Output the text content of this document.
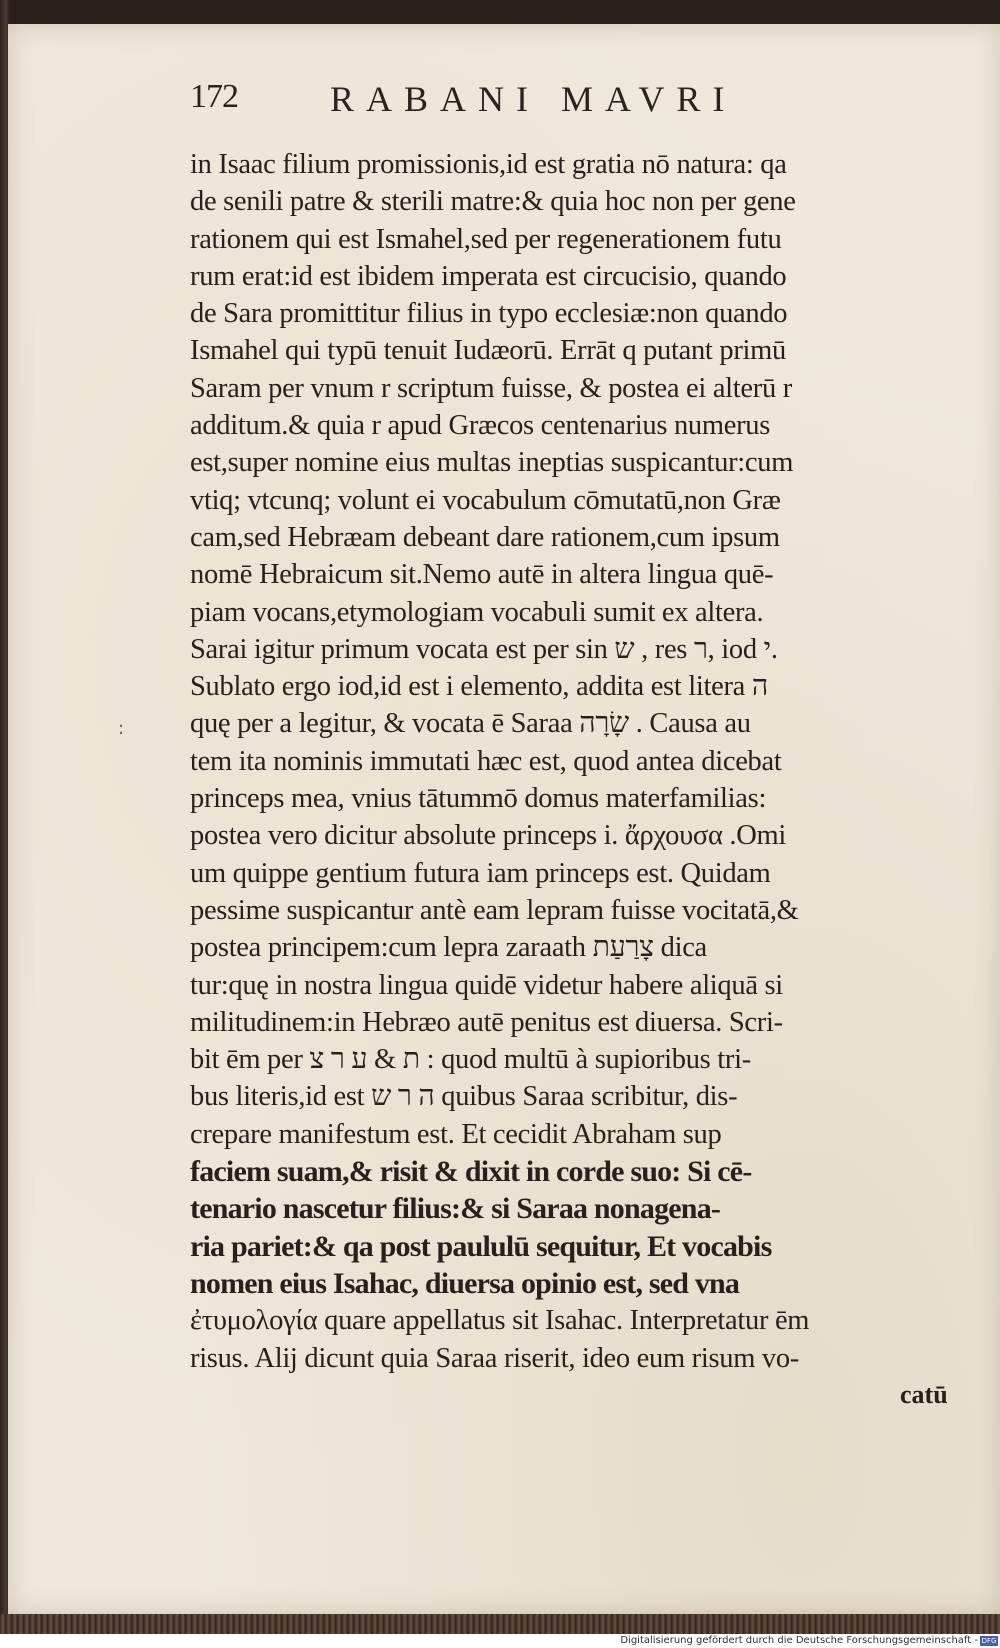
172	RABANI MAVRI
:
in Isaac filium promissionis,id est gratia nō natura: qa
de senili patre & sterili matre:& quia hoc non per gene
rationem qui est Ismahel,sed per regenerationem futu
rum erat:id est ibidem imperata est circucisio, quando
de Sara promittitur filius in typo ecclesiæ:non quando
Ismahel qui typū tenuit Iudæorū. Errāt q putant primū
Saram per vnum r scriptum fuisse, & postea ei alterū r
additum.& quia r apud Græcos centenarius numerus
est,super nomine eius multas ineptias suspicantur:cum
vtiq; vtcunq; volunt ei vocabulum cōmutatū,non Græ
cam,sed Hebræam debeant dare rationem,cum ipsum
nomē Hebraicum sit.Nemo autē in altera lingua quē-
piam vocans,etymologiam vocabuli sumit ex altera.
Sarai igitur primum vocata est per sin ש , res ר, iod י.
Sublato ergo iod,id est i elemento, addita est litera ה
quę per a legitur, & vocata ē Saraa שָׂרָה . Causa au
tem ita nominis immutati hæc est, quod antea dicebat
princeps mea, vnius tātummō domus materfamilias:
postea vero dicitur absolute princeps i. ἄρχουσα .Omi
um quippe gentium futura iam princeps est. Quidam
pessime suspicantur antè eam lepram fuisse vocitatā,&
postea principem:cum lepra zaraath צָרַעַת dica
tur:quę in nostra lingua quidē videtur habere aliquā si
militudinem:in Hebræo autē penitus est diuersa. Scri-
bit ēm per ת & ע ר צ : quod multū à supioribus tri-
bus literis,id est ה ר ש quibus Saraa scribitur, dis-
crepare manifestum est. Et cecidit Abraham sup
faciem suam,& risit & dixit in corde suo: Si cē-
tenario nascetur filius:& si Saraa nonagena-
ria pariet:& qa post paululū sequitur, Et vocabis
nomen eius Isahac, diuersa opinio est, sed vna
ἐτυμολογία quare appellatus sit Isahac. Interpretatur ēm
risus. Alij dicunt quia Saraa riserit, ideo eum risum vo-
catū
Digitalisierung gefördert durch die Deutsche Forschungsgemeinschaft - DFG
